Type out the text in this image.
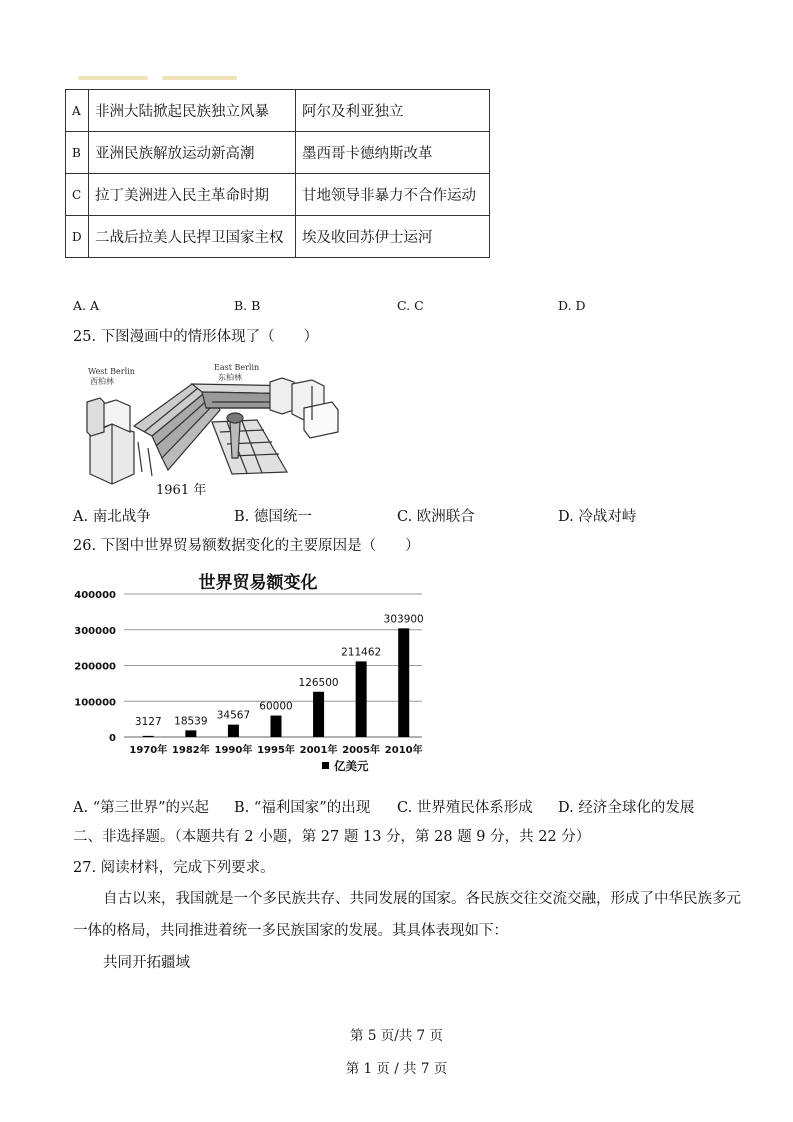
A	非洲大陆掀起民族独立风暴	阿尔及利亚独立
B	亚洲民族解放运动新高潮	墨西哥卡德纳斯改革
C	拉丁美洲进入民主革命时期	甘地领导非暴力不合作运动
D	二战后拉美人民捍卫国家主权	埃及收回苏伊士运河
A. A	B. B	C. C	D. D
25. 下图漫画中的情形体现了（　　）
West Berlin
西柏林
East Berlin
东柏林
1961 年
A. 南北战争	B. 德国统一	C. 欧洲联合	D. 冷战对峙
26. 下图中世界贸易额数据变化的主要原因是（　　）
世界贸易额变化
0
100000
200000
300000
400000
3127 18539 34567
60000
126500
211462
303900
1970年 1982年 1990年 1995年 2001年 2005年 2010年
亿美元
A. “第三世界”的兴起 B. “福利国家”的出现 C. 世界殖民体系形成 D. 经济全球化的发展
二、非选择题。（本题共有 2 小题，第 27 题 13 分，第 28 题 9 分，共 22 分）
27. 阅读材料，完成下列要求。
自古以来，我国就是一个多民族共存、共同发展的国家。各民族交往交流交融，形成了中华民族多元
一体的格局，共同推进着统一多民族国家的发展。其具体表现如下：
共同开拓疆域
第 5 页/共 7 页
第 1 页 / 共 7 页
